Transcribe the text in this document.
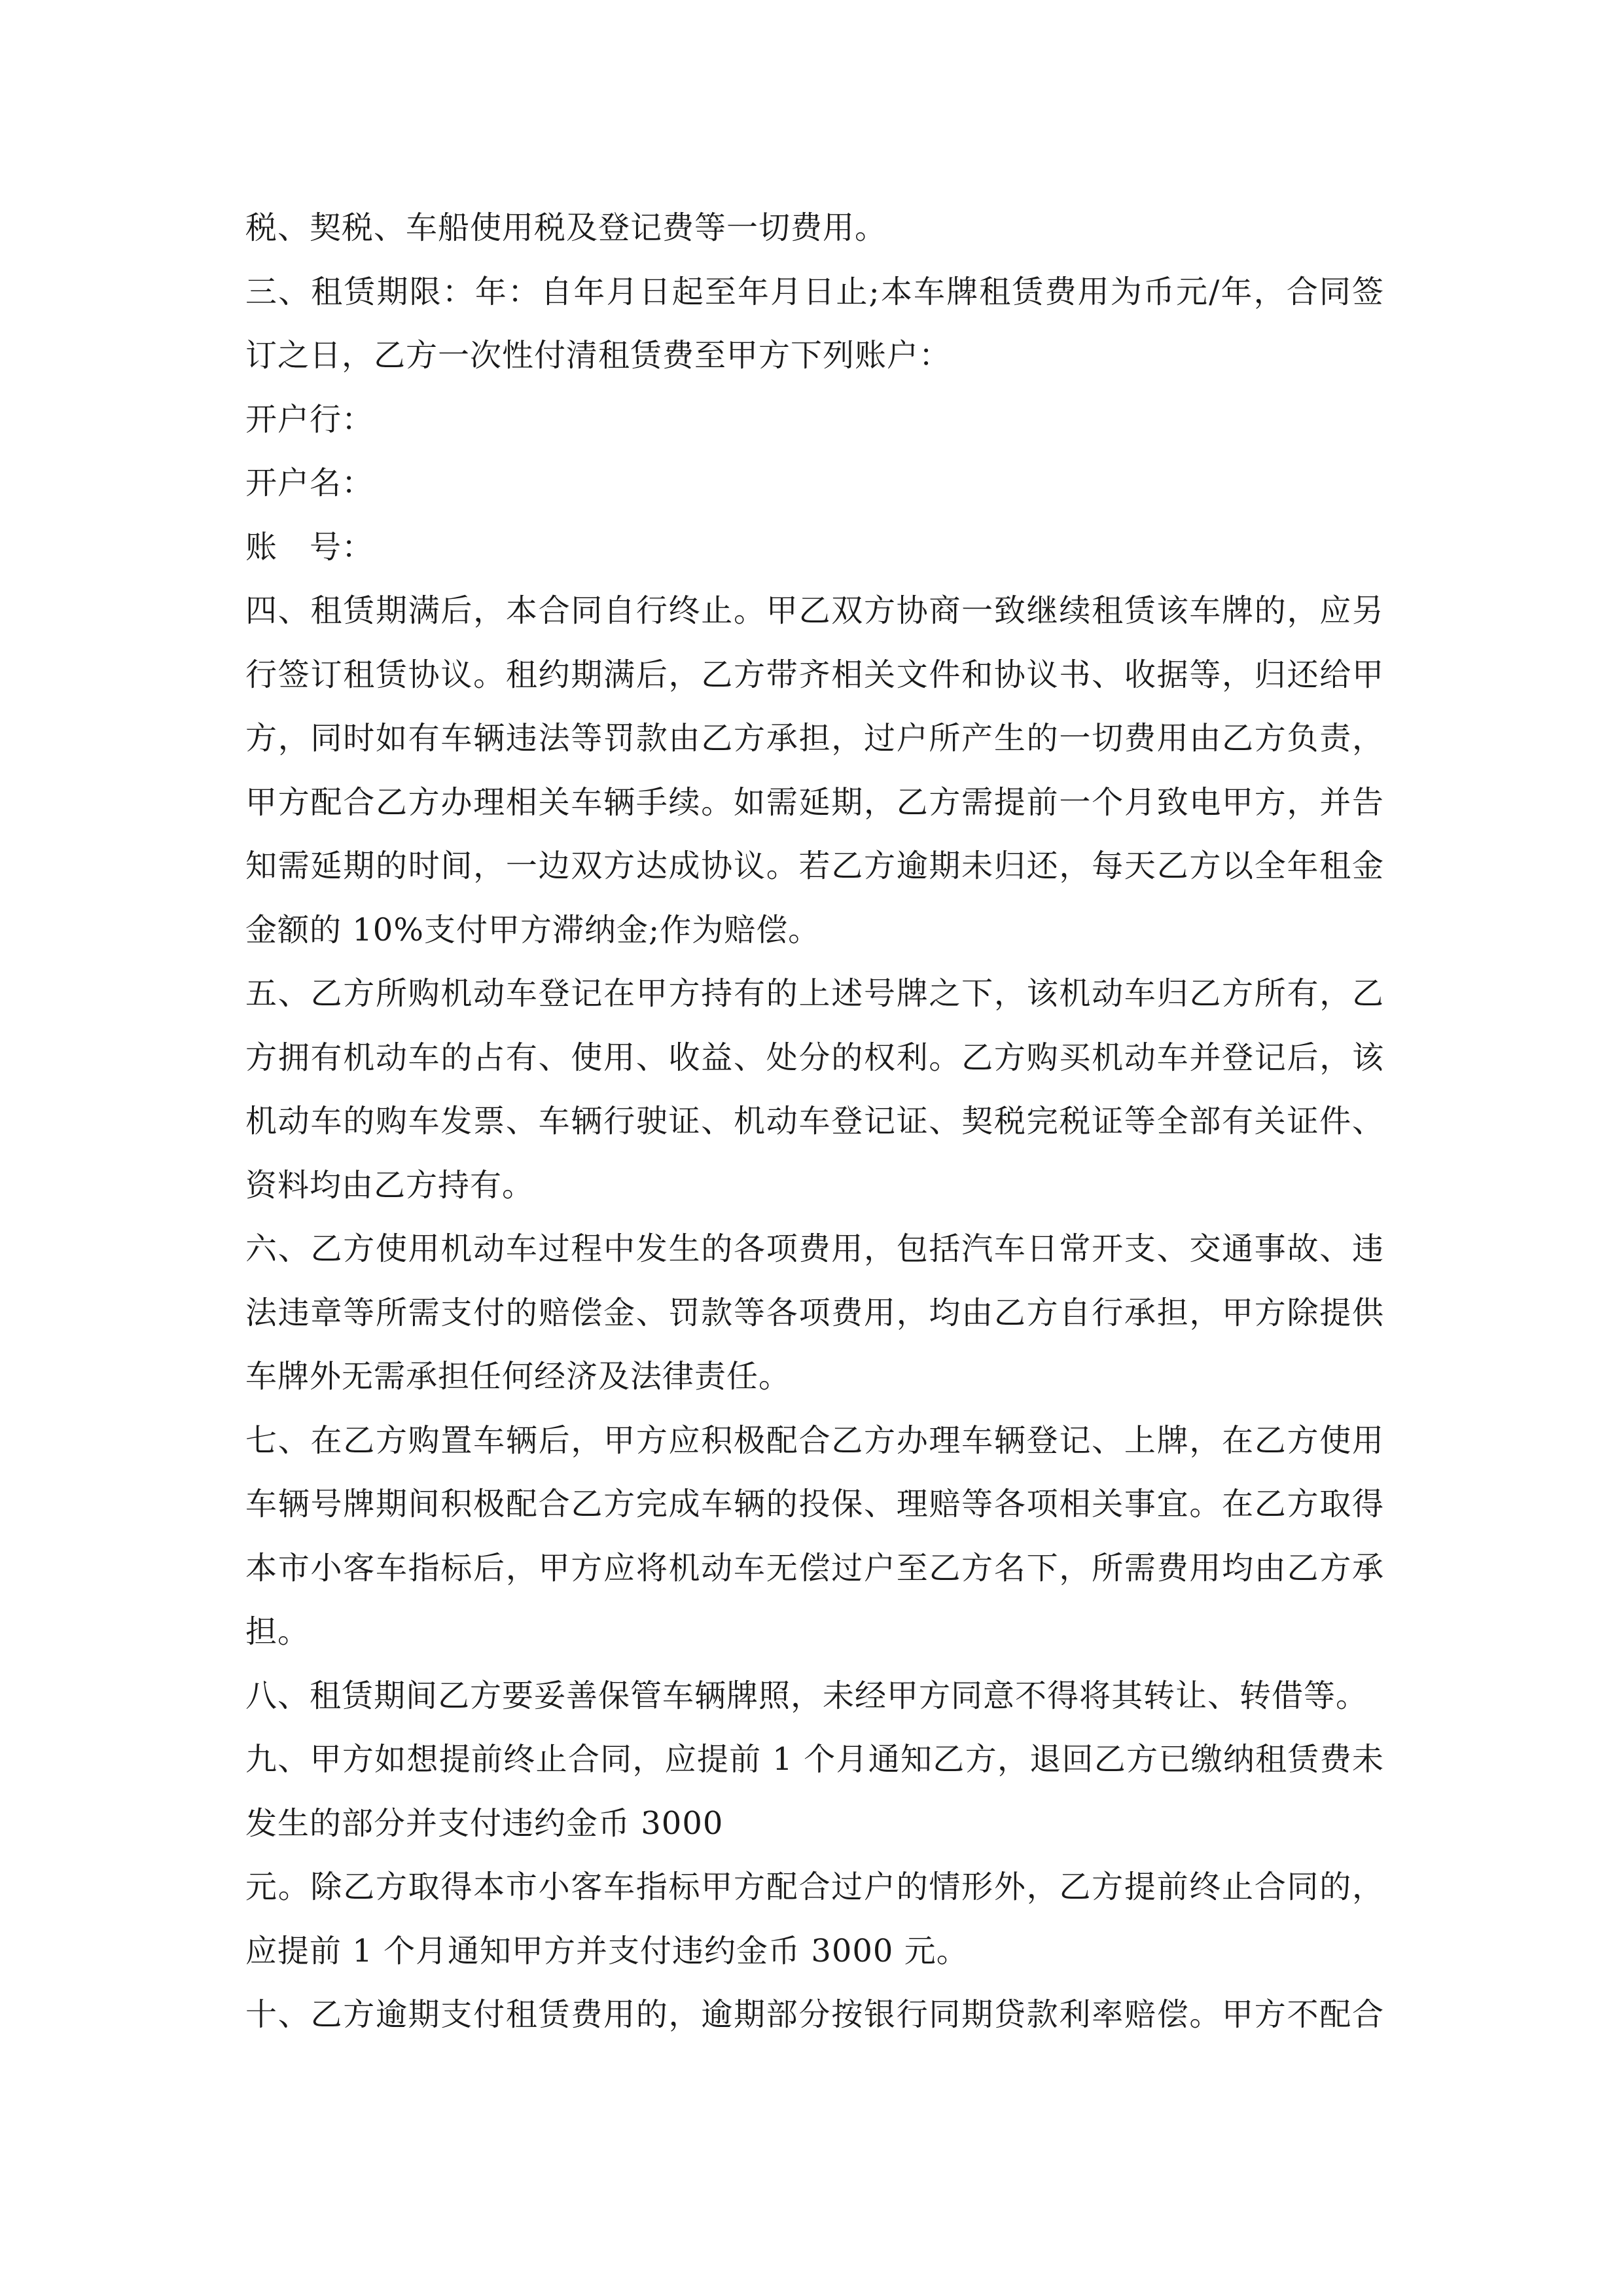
税、契税、车船使用税及登记费等一切费用。

三、租赁期限：年：自年月日起至年月日止;本车牌租赁费用为币元/年，合同签订之日，乙方一次性付清租赁费至甲方下列账户：

开户行：

开户名：

账　号：

四、租赁期满后，本合同自行终止。甲乙双方协商一致继续租赁该车牌的，应另行签订租赁协议。租约期满后，乙方带齐相关文件和协议书、收据等，归还给甲方，同时如有车辆违法等罚款由乙方承担，过户所产生的一切费用由乙方负责，甲方配合乙方办理相关车辆手续。如需延期，乙方需提前一个月致电甲方，并告知需延期的时间，一边双方达成协议。若乙方逾期未归还，每天乙方以全年租金金额的 10%支付甲方滞纳金;作为赔偿。

五、乙方所购机动车登记在甲方持有的上述号牌之下，该机动车归乙方所有，乙方拥有机动车的占有、使用、收益、处分的权利。乙方购买机动车并登记后，该机动车的购车发票、车辆行驶证、机动车登记证、契税完税证等全部有关证件、资料均由乙方持有。

六、乙方使用机动车过程中发生的各项费用，包括汽车日常开支、交通事故、违法违章等所需支付的赔偿金、罚款等各项费用，均由乙方自行承担，甲方除提供车牌外无需承担任何经济及法律责任。

七、在乙方购置车辆后，甲方应积极配合乙方办理车辆登记、上牌，在乙方使用车辆号牌期间积极配合乙方完成车辆的投保、理赔等各项相关事宜。在乙方取得本市小客车指标后，甲方应将机动车无偿过户至乙方名下，所需费用均由乙方承担。

八、租赁期间乙方要妥善保管车辆牌照，未经甲方同意不得将其转让、转借等。

九、甲方如想提前终止合同，应提前 1 个月通知乙方，退回乙方已缴纳租赁费未发生的部分并支付违约金币 3000

元。除乙方取得本市小客车指标甲方配合过户的情形外，乙方提前终止合同的，应提前 1 个月通知甲方并支付违约金币 3000 元。

十、乙方逾期支付租赁费用的，逾期部分按银行同期贷款利率赔偿。甲方不配合
